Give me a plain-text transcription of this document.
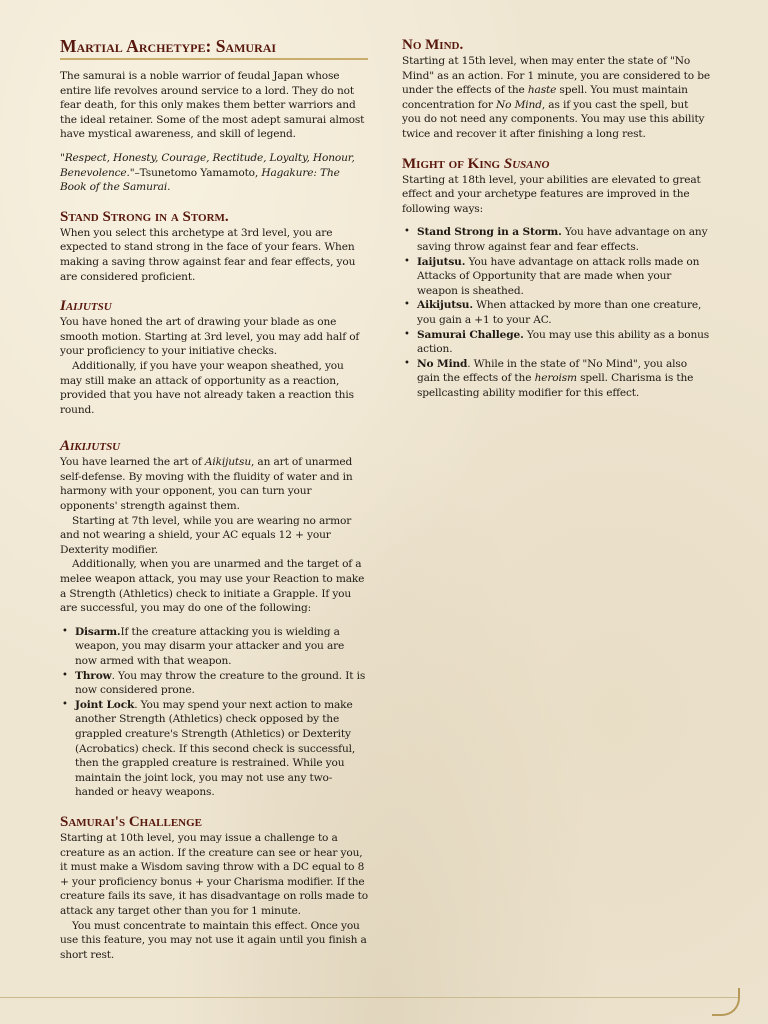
Martial Archetype: Samurai

The samurai is a noble warrior of feudal Japan whose entire life revolves around service to a lord. They do not fear death, for this only makes them better warriors and the ideal retainer. Some of the most adept samurai almost have mystical awareness, and skill of legend.

"Respect, Honesty, Courage, Rectitude, Loyalty, Honour, Benevolence."–Tsunetomo Yamamoto, Hagakure: The Book of the Samurai.

Stand Strong in a Storm.

When you select this archetype at 3rd level, you are expected to stand strong in the face of your fears. When making a saving throw against fear and fear effects, you are considered proficient.

Iaijutsu

You have honed the art of drawing your blade as one smooth motion. Starting at 3rd level, you may add half of your proficiency to your initiative checks.

Additionally, if you have your weapon sheathed, you may still make an attack of opportunity as a reaction, provided that you have not already taken a reaction this round.

Aikijutsu

You have learned the art of Aikijutsu, an art of unarmed self-defense. By moving with the fluidity of water and in harmony with your opponent, you can turn your opponents' strength against them.

Starting at 7th level, while you are wearing no armor and not wearing a shield, your AC equals 12 + your Dexterity modifier.

Additionally, when you are unarmed and the target of a melee weapon attack, you may use your Reaction to make a Strength (Athletics) check to initiate a Grapple. If you are successful, you may do one of the following:

• Disarm.If the creature attacking you is wielding a weapon, you may disarm your attacker and you are now armed with that weapon.
• Throw. You may throw the creature to the ground. It is now considered prone.
• Joint Lock. You may spend your next action to make another Strength (Athletics) check opposed by the grappled creature's Strength (Athletics) or Dexterity (Acrobatics) check. If this second check is successful, then the grappled creature is restrained. While you maintain the joint lock, you may not use any two-handed or heavy weapons.
Samurai's Challenge

Starting at 10th level, you may issue a challenge to a creature as an action. If the creature can see or hear you, it must make a Wisdom saving throw with a DC equal to 8 + your proficiency bonus + your Charisma modifier. If the creature fails its save, it has disadvantage on rolls made to attack any target other than you for 1 minute.

You must concentrate to maintain this effect. Once you use this feature, you may not use it again until you finish a short rest.

No Mind.

Starting at 15th level, when may enter the state of "No Mind" as an action. For 1 minute, you are considered to be under the effects of the haste spell. You must maintain concentration for No Mind, as if you cast the spell, but you do not need any components. You may use this ability twice and recover it after finishing a long rest.

Might of King Susano

Starting at 18th level, your abilities are elevated to great effect and your archetype features are improved in the following ways:

• Stand Strong in a Storm. You have advantage on any saving throw against fear and fear effects.
• Iaijutsu. You have advantage on attack rolls made on Attacks of Opportunity that are made when your weapon is sheathed.
• Aikijutsu. When attacked by more than one creature, you gain a +1 to your AC.
• Samurai Challege. You may use this ability as a bonus action.
• No Mind. While in the state of "No Mind", you also gain the effects of the heroism spell. Charisma is the spellcasting ability modifier for this effect.
